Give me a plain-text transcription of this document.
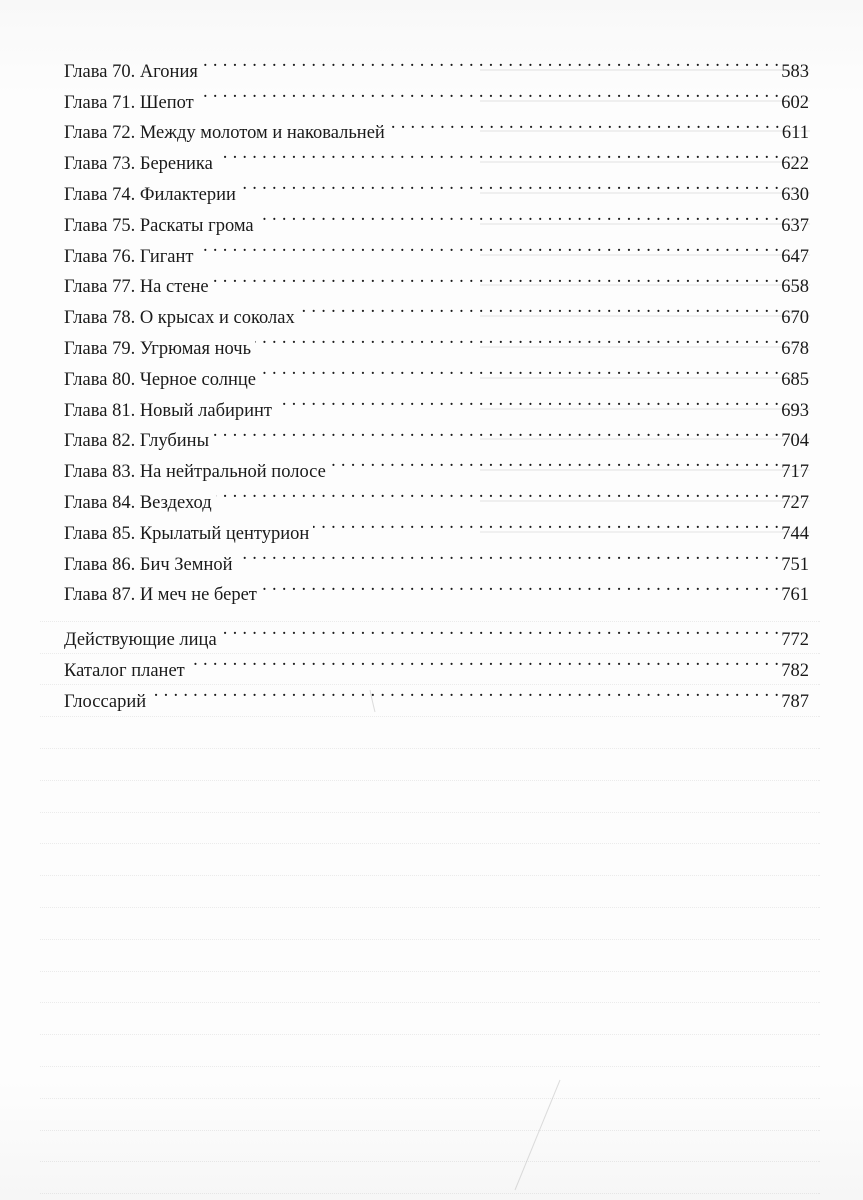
Глава 70. Агония . . .	583
Глава 71. Шепот . . .	602
Глава 72. Между молотом и наковальней . . .	611
Глава 73. Береника . . .	622
Глава 74. Филактерии . . .	630
Глава 75. Раскаты грома . . .	637
Глава 76. Гигант . . .	647
Глава 77. На стене . . .	658
Глава 78. О крысах и соколах . . .	670
Глава 79. Угрюмая ночь . . .	678
Глава 80. Черное солнце . . .	685
Глава 81. Новый лабиринт . . .	693
Глава 82. Глубины . . .	704
Глава 83. На нейтральной полосе . . .	717
Глава 84. Вездеход . . .	727
Глава 85. Крылатый центурион . . .	744
Глава 86. Бич Земной . . .	751
Глава 87. И меч не берет . . .	761
Действующие лица . . .	772
Каталог планет . . .	782
Глоссарий . . .	787
